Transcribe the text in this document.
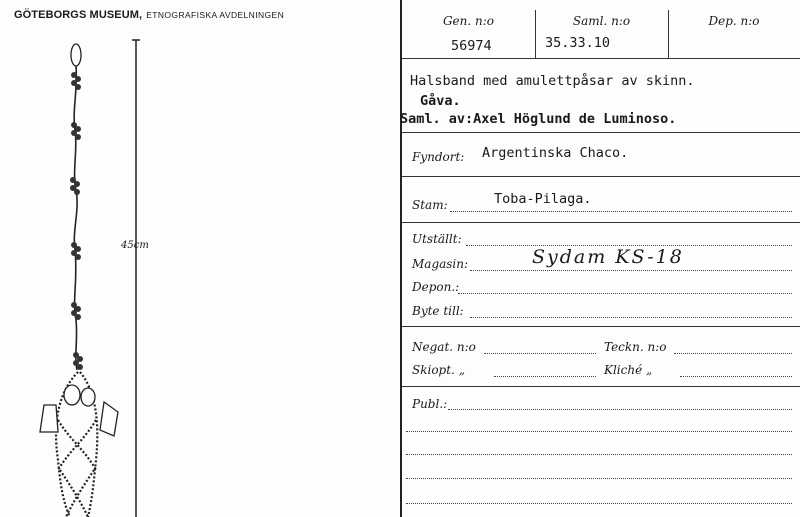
GÖTEBORGS MUSEUM, ETNOGRAFISKA AVDELNINGEN
45cm
Gen. n:o	Saml. n:o	Dep. n:o
56974	35.33.10
Halsband med amulettpåsar av skinn.
Gåva.
Saml. av:Axel Höglund de Luminoso.
Fyndort: Argentinska Chaco.
Stam:	Toba-Pilaga.
Utställt:
Magasin:	Sydam KS-18
Depon.:
Byte till:
Negat. n:o	Teckn. n:o
Skiopt. „	Kliché „
Publ.:
